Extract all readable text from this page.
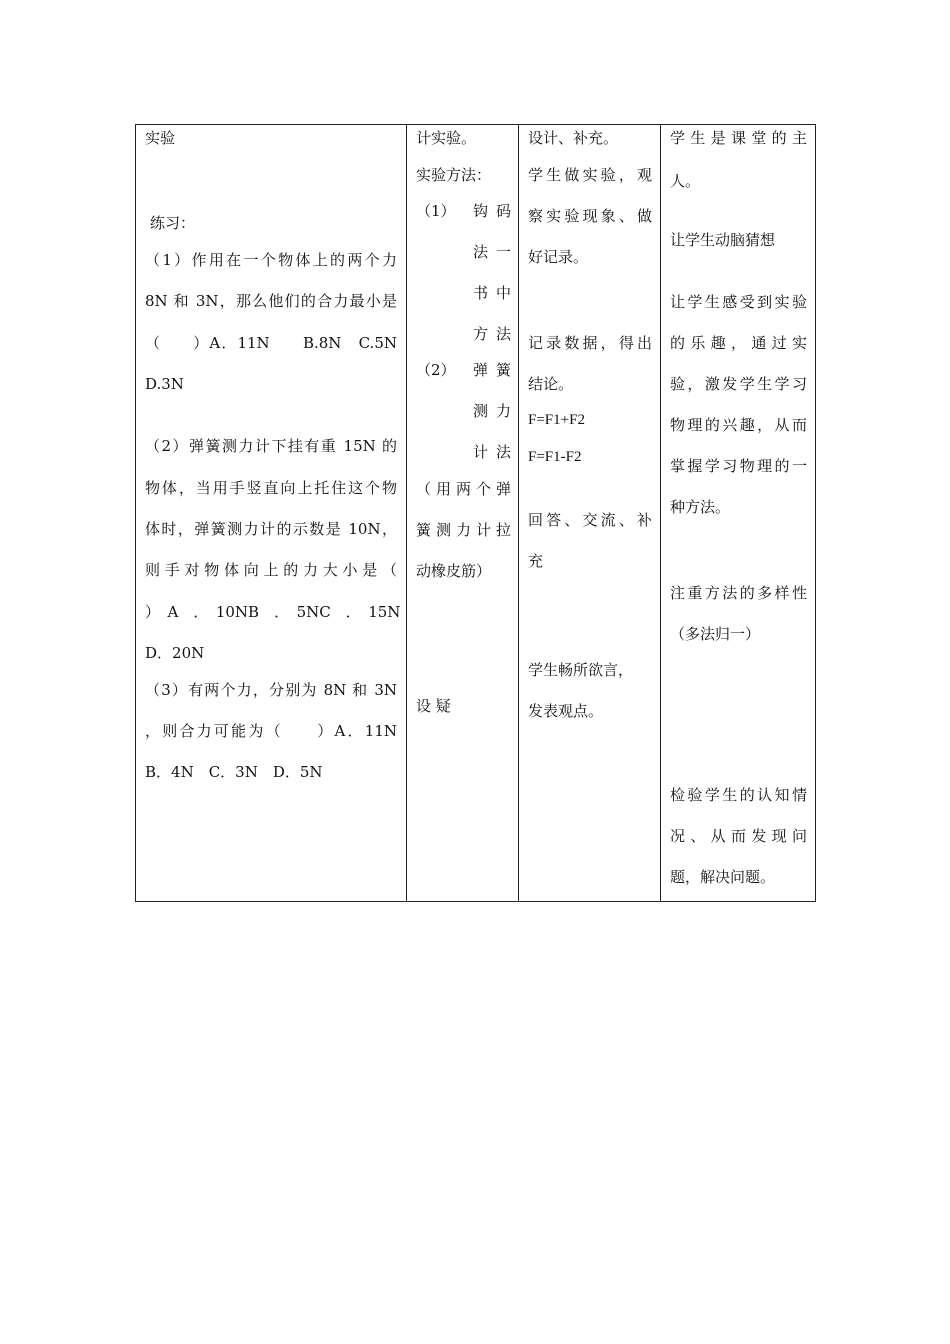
实验
练习：
（1）作用在一个物体上的两个力
8N 和 3N，那么他们的合力最小是
（　　）A．11N　　B.8N　C.5N
D.3N
（2）弹簧测力计下挂有重 15N 的
物体，当用手竖直向上托住这个物
体时，弹簧测力计的示数是 10N，
则手对物体向上的力大小是（
）　A　．　10NB　．　5NC　．　15N
D．20N
（3）有两个力，分别为 8N 和 3N
，则合力可能为（　　）A．11N
B．4N　C．3N　D．5N
计实验。
实验方法：
（1） 钩码
法一
书中
方法
（2） 弹簧
测力
计法
（用两个弹
簧测力计拉
动橡皮筋）
设 疑
设计、补充。
学生做实验，观
察实验现象、做
好记录。
记录数据，得出
结论。
F=F1+F2
F=F1-F2
回答、交流、补
充
学生畅所欲言，
发表观点。
学生是课堂的主
人。
让学生动脑猜想
让学生感受到实验
的乐趣，通过实
验，激发学生学习
物理的兴趣，从而
掌握学习物理的一
种方法。
注重方法的多样性
（多法归一）
检验学生的认知情
况、从而发现问
题，解决问题。
